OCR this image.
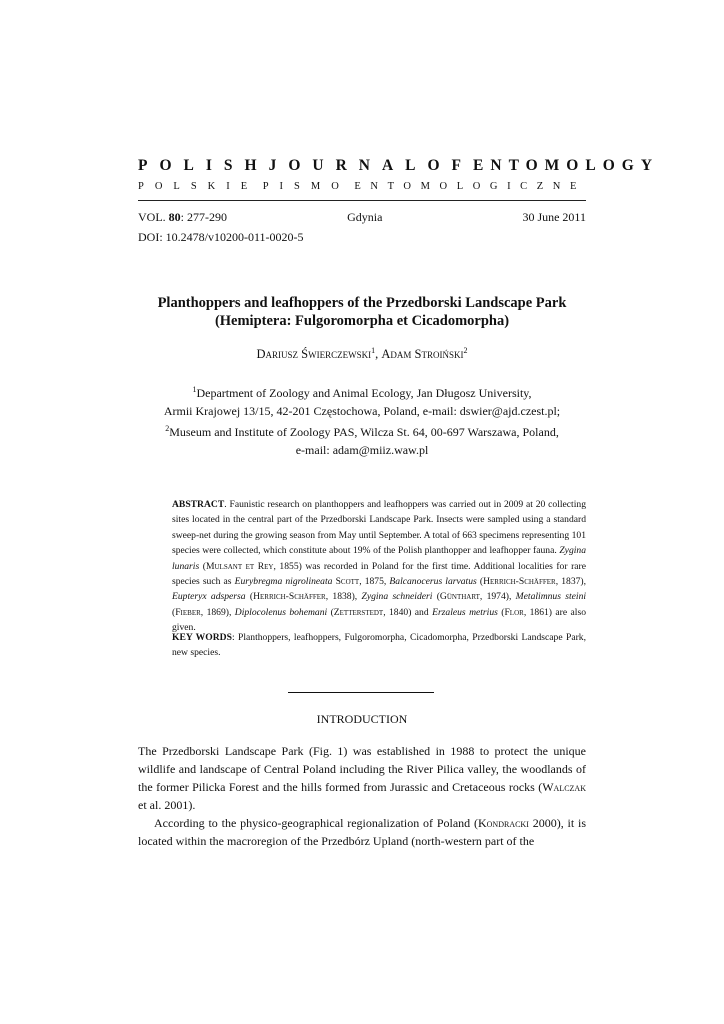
POLISH JOURNAL OF ENTOMOLOGY
POLSKIE PISMO ENTOMOLOGICZNE
VOL. 80: 277-290	Gdynia	30 June 2011
DOI: 10.2478/v10200-011-0020-5
Planthoppers and leafhoppers of the Przedborski Landscape Park
(Hemiptera: Fulgoromorpha et Cicadomorpha)
Dariusz Świerczewski$^1$, Adam Stroiński$^2$
$^1$Department of Zoology and Animal Ecology, Jan Długosz University,
Armii Krajowej 13/15, 42-201 Częstochowa, Poland, e-mail: dswier@ajd.czest.pl;
$^2$Museum and Institute of Zoology PAS, Wilcza St. 64, 00-697 Warszawa, Poland,
e-mail: adam@miiz.waw.pl
ABSTRACT. Faunistic research on planthoppers and leafhoppers was carried out in 2009 at 20 collecting sites located in the central part of the Przedborski Landscape Park. Insects were sampled using a standard sweep-net during the growing season from May until September. A total of 663 specimens representing 101 species were collected, which constitute about 19% of the Polish planthopper and leafhopper fauna. Zygina lunaris (Mulsant et Rey, 1855) was recorded in Poland for the first time. Additional localities for rare species such as Eurybregma nigrolineata Scott, 1875, Balcanocerus larvatus (Herrich-Schäffer, 1837), Eupteryx adspersa (Herrich-Schäffer, 1838), Zygina schneideri (Günthart, 1974), Metalimnus steini (Fieber, 1869), Diplocolenus bohemani (Zetterstedt, 1840) and Erzaleus metrius (Flor, 1861) are also given.
KEY WORDS: Planthoppers, leafhoppers, Fulgoromorpha, Cicadomorpha, Przedborski Landscape Park, new species.
INTRODUCTION

The Przedborski Landscape Park (Fig. 1) was established in 1988 to protect the unique wildlife and landscape of Central Poland including the River Pilica valley, the woodlands of the former Pilicka Forest and the hills formed from Jurassic and Cretaceous rocks (Walczak et al. 2001).

According to the physico-geographical regionalization of Poland (Kondracki 2000), it is located within the macroregion of the Przedbórz Upland (north-western part of the
